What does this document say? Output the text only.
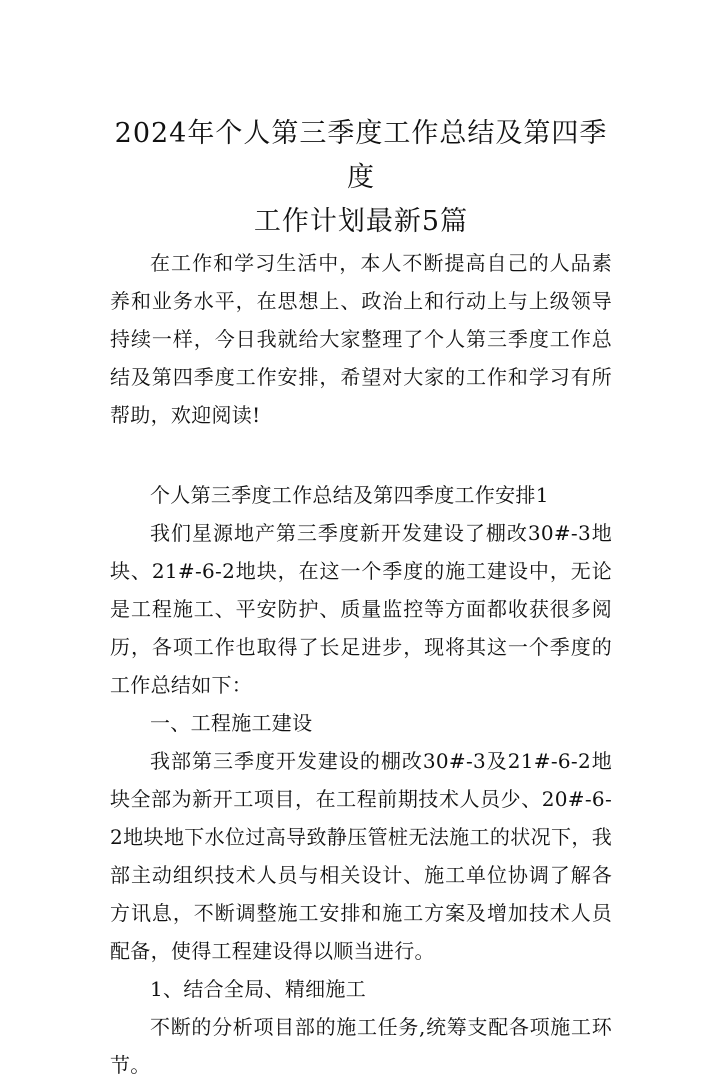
2024年个人第三季度工作总结及第四季度
工作计划最新5篇

在工作和学习生活中，本人不断提高自己的人品素养和业务水平，在思想上、政治上和行动上与上级领导持续一样，今日我就给大家整理了个人第三季度工作总结及第四季度工作安排，希望对大家的工作和学习有所帮助，欢迎阅读!

个人第三季度工作总结及第四季度工作安排1

我们星源地产第三季度新开发建设了棚改30#-3地块、21#-6-2地块，在这一个季度的施工建设中，无论是工程施工、平安防护、质量监控等方面都收获很多阅历，各项工作也取得了长足进步，现将其这一个季度的工作总结如下：

一、工程施工建设

我部第三季度开发建设的棚改30#-3及21#-6-2地块全部为新开工项目，在工程前期技术人员少、20#-6-2地块地下水位过高导致静压管桩无法施工的状况下，我部主动组织技术人员与相关设计、施工单位协调了解各方讯息，不断调整施工安排和施工方案及增加技术人员配备，使得工程建设得以顺当进行。

1、结合全局、精细施工

不断的分析项目部的施工任务,统筹支配各项施工环节。
